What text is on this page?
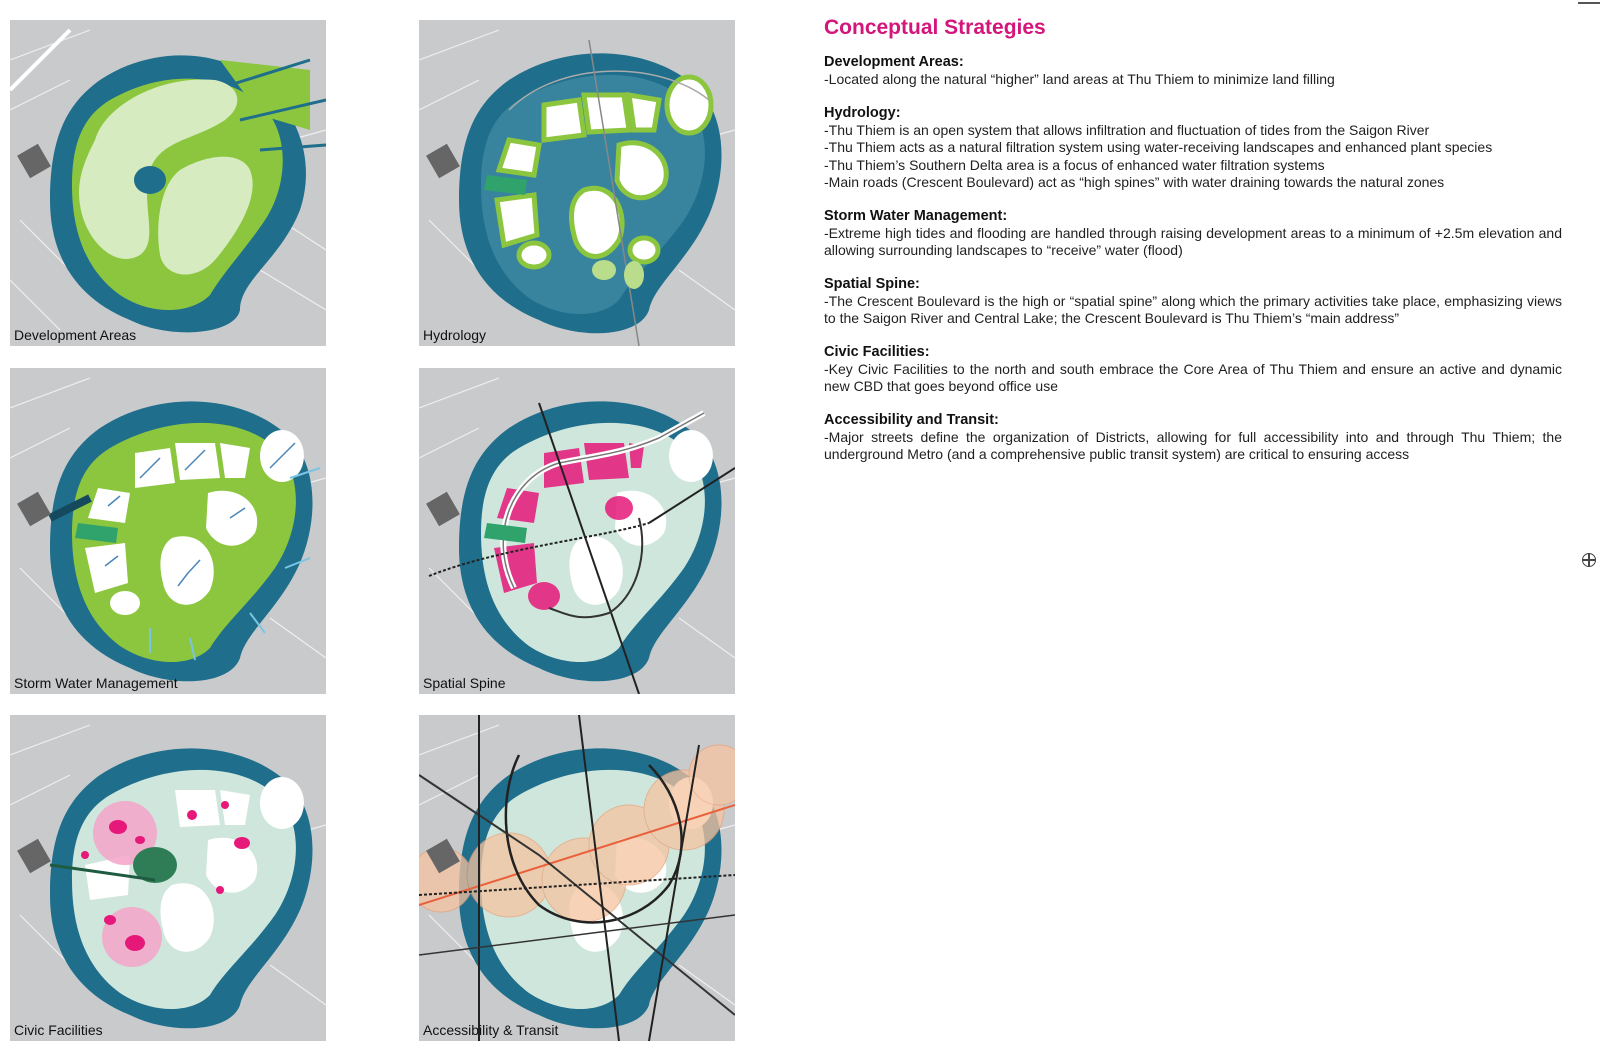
Development Areas	Hydrology
Storm Water Management	Spatial Spine
Civic Facilities	Accessibility & Transit
Conceptual Strategies
Development Areas:

-Located along the natural “higher” land areas at Thu Thiem to minimize land filling

Hydrology:

-Thu Thiem is an open system that allows infiltration and fluctuation of tides from the Saigon River

-Thu Thiem acts as a natural filtration system using water-receiving landscapes and enhanced plant species

-Thu Thiem’s Southern Delta area is a focus of enhanced water filtration systems

-Main roads (Crescent Boulevard) act as “high spines” with water draining towards the natural zones

Storm Water Management:

-Extreme high tides and flooding are handled through raising development areas to a minimum of +2.5m elevation and allowing surrounding landscapes to “receive” water (flood)

Spatial Spine:

-The Crescent Boulevard is the high or “spatial spine” along which the primary activities take place, emphasizing views to the Saigon River and Central Lake; the Crescent Boulevard is Thu Thiem’s “main address”

Civic Facilities:

-Key Civic Facilities to the north and south embrace the Core Area of Thu Thiem and ensure an active and dynamic new CBD that goes beyond office use

Accessibility and Transit:

-Major streets define the organization of Districts, allowing for full accessibility into and through Thu Thiem; the underground Metro (and a comprehensive public transit system) are critical to ensuring access
